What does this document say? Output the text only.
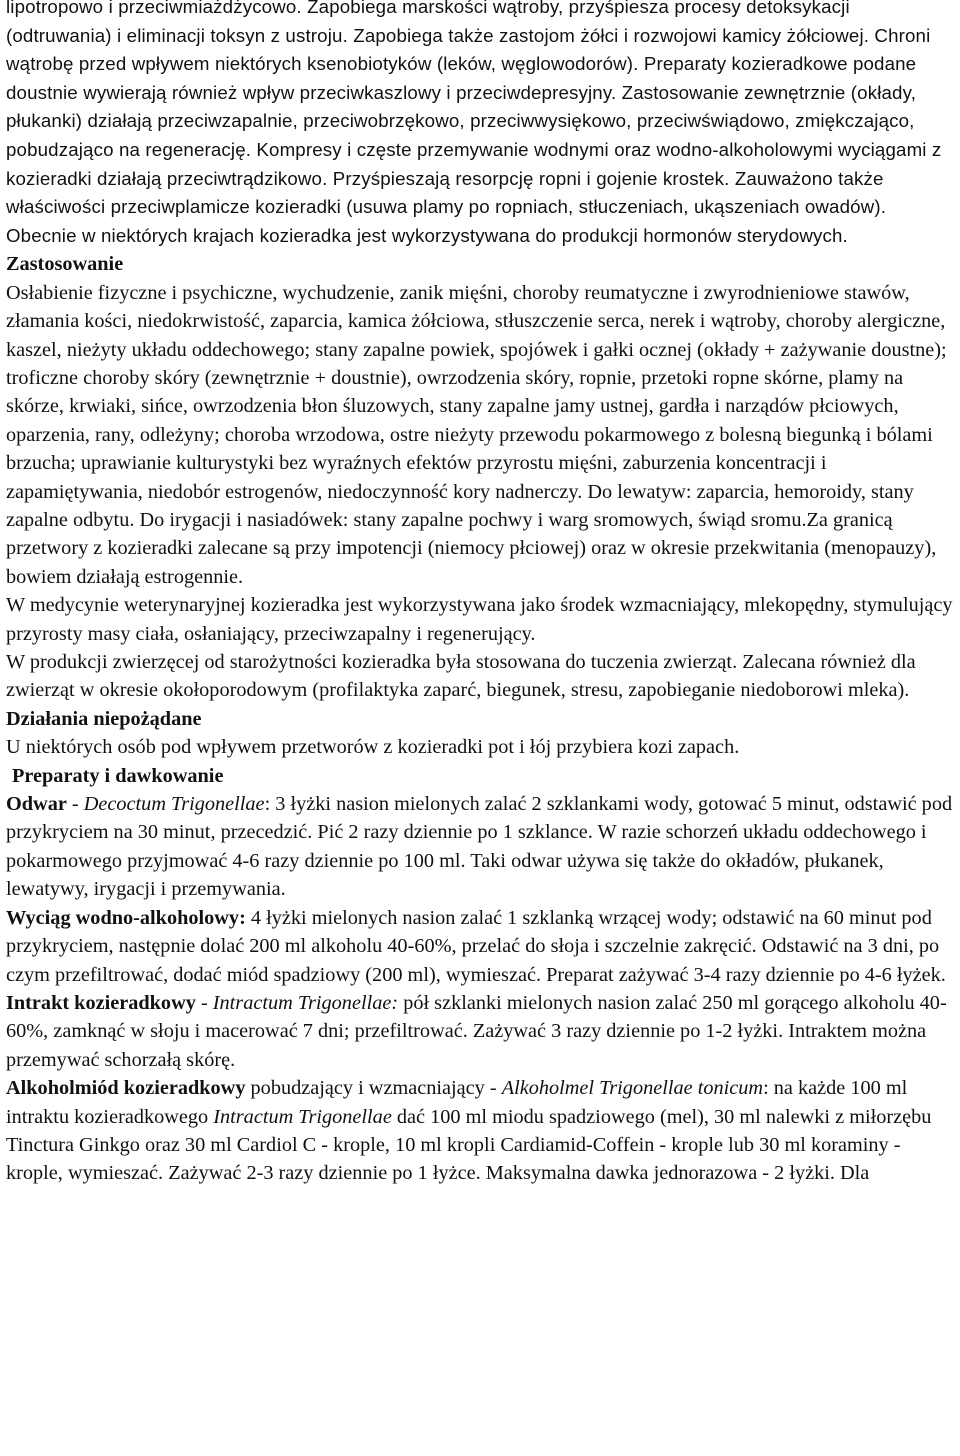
lipotropowo i przeciwmiażdżycowo. Zapobiega marskości wątroby, przyśpiesza procesy detoksykacji (odtruwania) i eliminacji toksyn z ustroju. Zapobiega także zastojom żółci i rozwojowi kamicy żółciowej. Chroni wątrobę przed wpływem niektórych ksenobiotyków (leków, węglowodorów). Preparaty kozieradkowe podane doustnie wywierają również wpływ przeciwkaszlowy i przeciwdepresyjny. Zastosowanie zewnętrznie (okłady, płukanki) działają przeciwzapalnie, przeciwobrzękowo, przeciwwysiękowo, przeciwświądowo, zmiękczająco, pobudzająco na regenerację. Kompresy i częste przemywanie wodnymi oraz wodno-alkoholowymi wyciągami z kozieradki działają przeciwtrądzikowo. Przyśpieszają resorpcję ropni i gojenie krostek. Zauważono także właściwości przeciwplamicze kozieradki (usuwa plamy po ropniach, stłuczeniach, ukąszeniach owadów). Obecnie w niektórych krajach kozieradka jest wykorzystywana do produkcji hormonów sterydowych.

Zastosowanie

Osłabienie fizyczne i psychiczne, wychudzenie, zanik mięśni, choroby reumatyczne i zwyrodnieniowe stawów, złamania kości, niedokrwistość, zaparcia, kamica żółciowa, stłuszczenie serca, nerek i wątroby, choroby alergiczne, kaszel, nieżyty układu oddechowego; stany zapalne powiek, spojówek i gałki ocznej (okłady + zażywanie doustne); troficzne choroby skóry (zewnętrznie + doustnie), owrzodzenia skóry, ropnie, przetoki ropne skórne, plamy na skórze, krwiaki, sińce, owrzodzenia błon śluzowych, stany zapalne jamy ustnej, gardła i narządów płciowych, oparzenia, rany, odleżyny; choroba wrzodowa, ostre nieżyty przewodu pokarmowego z bolesną biegunką i bólami brzucha; uprawianie kulturystyki bez wyraźnych efektów przyrostu mięśni, zaburzenia koncentracji i zapamiętywania, niedobór estrogenów, niedoczynność kory nadnerczy. Do lewatyw: zaparcia, hemoroidy, stany zapalne odbytu. Do irygacji i nasiadówek: stany zapalne pochwy i warg sromowych, świąd sromu.Za granicą przetwory z kozieradki zalecane są przy impotencji (niemocy płciowej) oraz w okresie przekwitania (menopauzy), bowiem działają estrogennie.

W medycynie weterynaryjnej kozieradka jest wykorzystywana jako środek wzmacniający, mlekopędny, stymulujący przyrosty masy ciała, osłaniający, przeciwzapalny i regenerujący.

W produkcji zwierzęcej od starożytności kozieradka była stosowana do tuczenia zwierząt. Zalecana również dla zwierząt w okresie okołoporodowym (profilaktyka zaparć, biegunek, stresu, zapobieganie niedoborowi mleka).

Działania niepożądane

U niektórych osób pod wpływem przetworów z kozieradki pot i łój przybiera kozi zapach.

Preparaty i dawkowanie

Odwar - Decoctum Trigonellae: 3 łyżki nasion mielonych zalać 2 szklankami wody, gotować 5 minut, odstawić pod przykryciem na 30 minut, przecedzić. Pić 2 razy dziennie po 1 szklance. W razie schorzeń układu oddechowego i pokarmowego przyjmować 4-6 razy dziennie po 100 ml. Taki odwar używa się także do okładów, płukanek, lewatywy, irygacji i przemywania.

Wyciąg wodno-alkoholowy: 4 łyżki mielonych nasion zalać 1 szklanką wrzącej wody; odstawić na 60 minut pod przykryciem, następnie dolać 200 ml alkoholu 40-60%, przelać do słoja i szczelnie zakręcić. Odstawić na 3 dni, po czym przefiltrować, dodać miód spadziowy (200 ml), wymieszać. Preparat zażywać 3-4 razy dziennie po 4-6 łyżek.

Intrakt kozieradkowy - Intractum Trigonellae: pół szklanki mielonych nasion zalać 250 ml gorącego alkoholu 40-60%, zamknąć w słoju i macerować 7 dni; przefiltrować. Zażywać 3 razy dziennie po 1-2 łyżki. Intraktem można przemywać schorzałą skórę.

Alkoholmiód kozieradkowy pobudzający i wzmacniający - Alkoholmel Trigonellae tonicum: na każde 100 ml intraktu kozieradkowego Intractum Trigonellae dać 100 ml miodu spadziowego (mel), 30 ml nalewki z miłorzębu Tinctura Ginkgo oraz 30 ml Cardiol C - krople, 10 ml kropli Cardiamid-Coffein - krople lub 30 ml koraminy - krople, wymieszać. Zażywać 2-3 razy dziennie po 1 łyżce. Maksymalna dawka jednorazowa - 2 łyżki. Dla
